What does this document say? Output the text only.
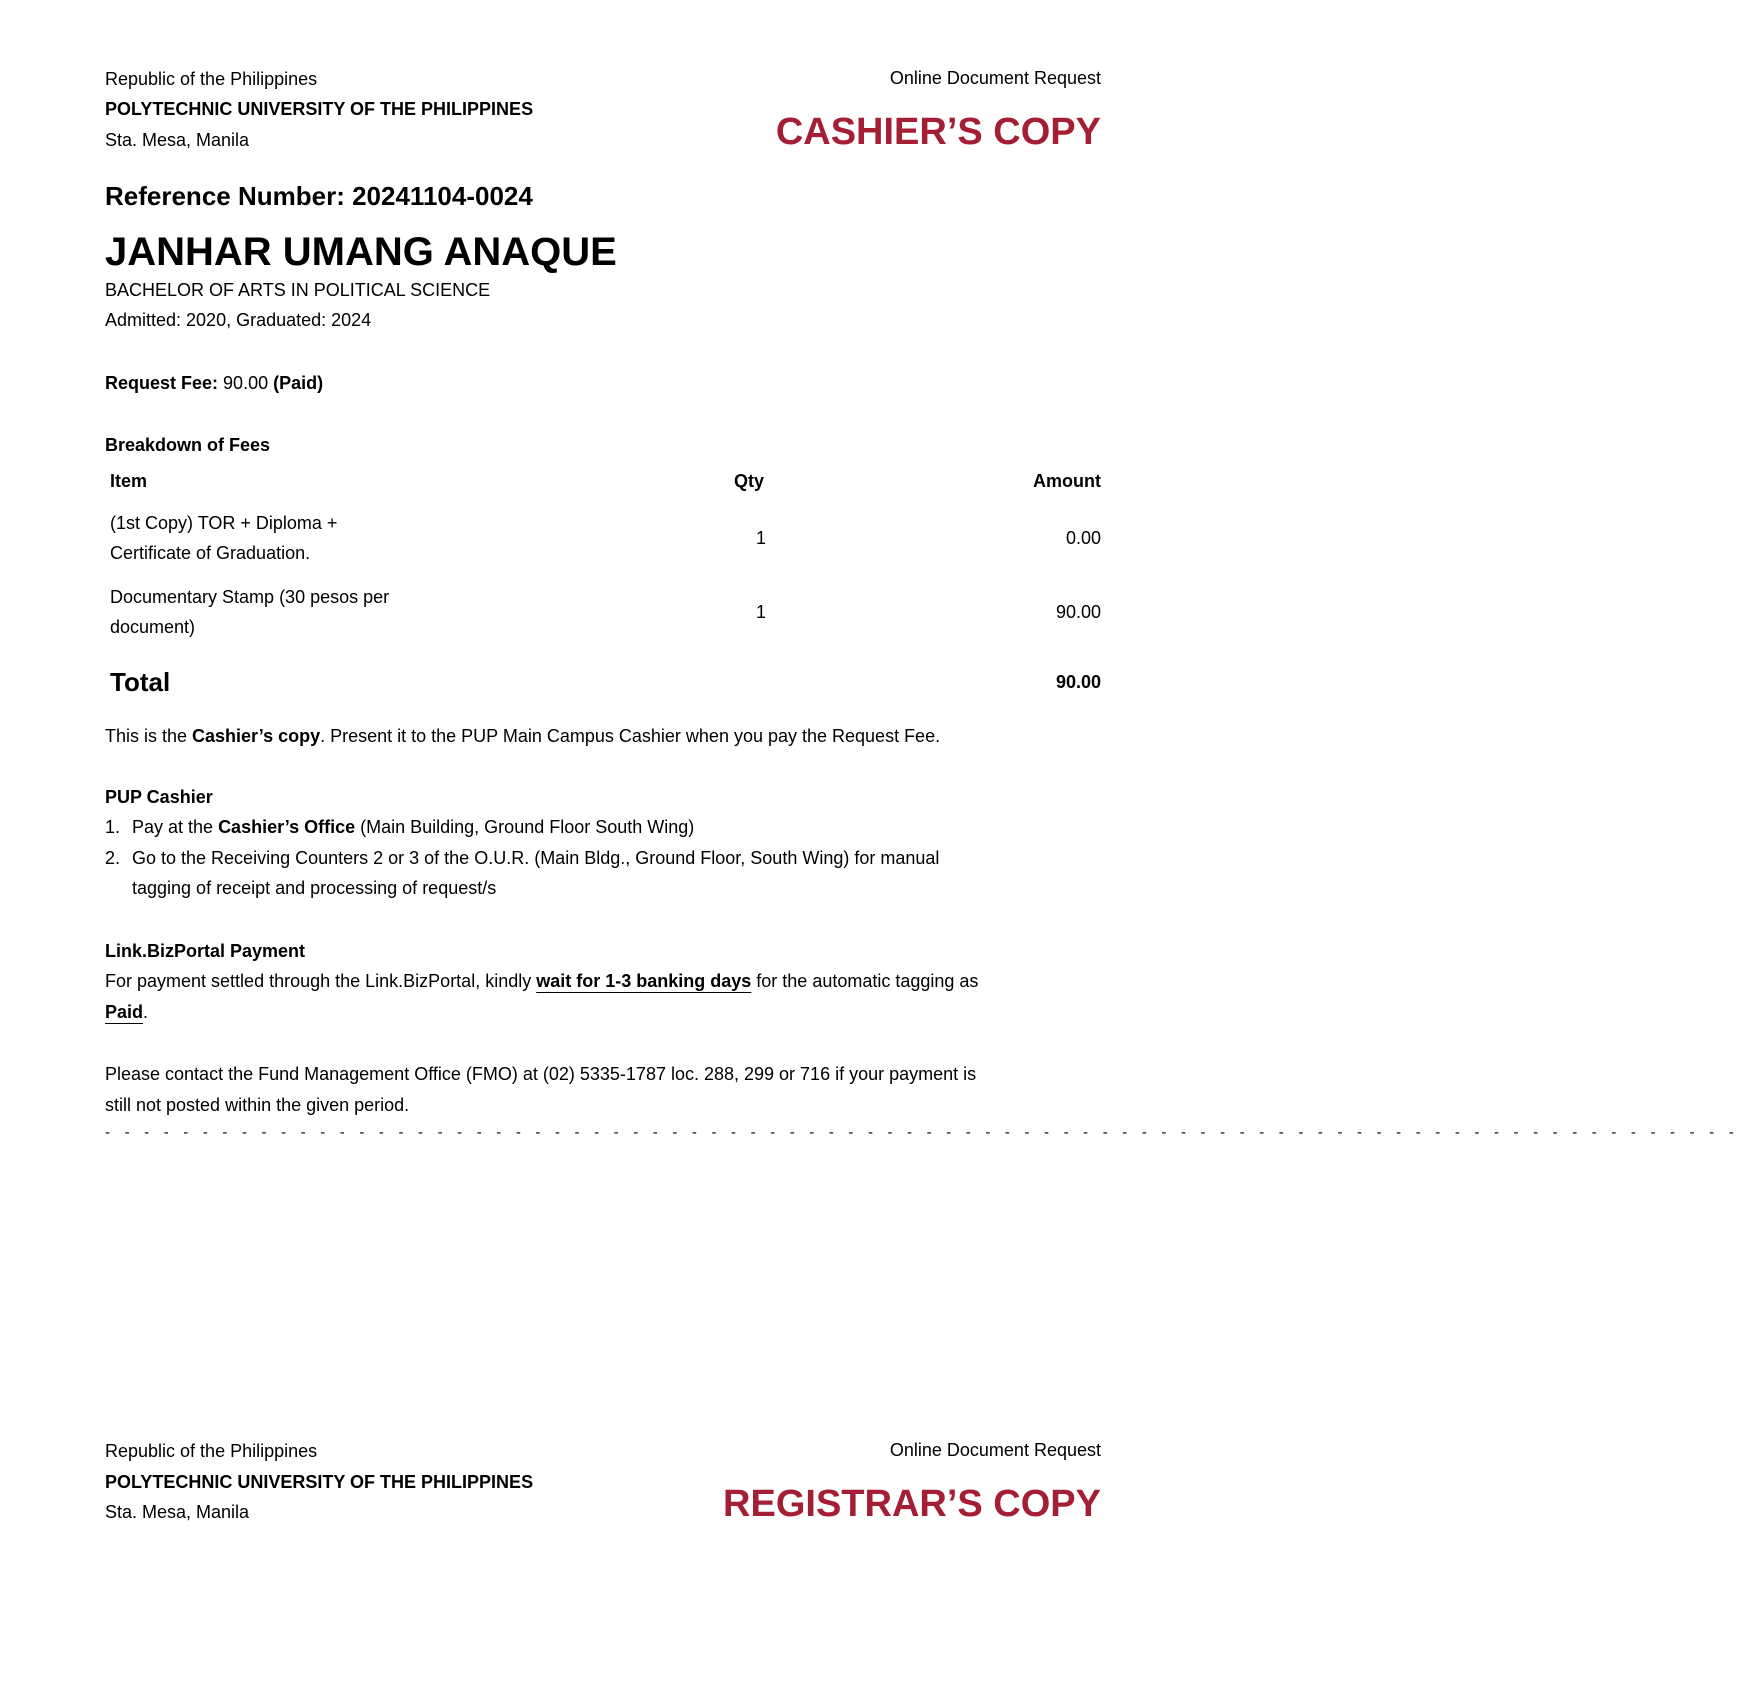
Republic of the Philippines
POLYTECHNIC UNIVERSITY OF THE PHILIPPINES
Sta. Mesa, Manila
Online Document Request
CASHIER’S COPY
Reference Number: 20241104-0024
JANHAR UMANG ANAQUE
BACHELOR OF ARTS IN POLITICAL SCIENCE
Admitted: 2020, Graduated: 2024
Request Fee: 90.00 (Paid)
Breakdown of Fees
Item	Qty	Amount
(1st Copy) TOR + Diploma +
Certificate of Graduation.
1	0.00
Documentary Stamp (30 pesos per
document)
1	90.00
Total	90.00
This is the Cashier’s copy. Present it to the PUP Main Campus Cashier when you pay the Request Fee.
PUP Cashier
1. Pay at the Cashier’s Office (Main Building, Ground Floor South Wing)
2. Go to the Receiving Counters 2 or 3 of the O.U.R. (Main Bldg., Ground Floor, South Wing) for manual
tagging of receipt and processing of request/s
Link.BizPortal Payment
For payment settled through the Link.BizPortal, kindly wait for 1-3 banking days for the automatic tagging as
Paid.
Please contact the Fund Management Office (FMO) at (02) 5335-1787 loc. 288, 299 or 716 if your payment is
still not posted within the given period.
- - - - - - - - - - - - - - - - - - - - - - - - - - - - - - - - - - - - - - - - - - - - - - - - - - - - - - - - - - - - - - - - - - - - - - - - - - - - - - - - - - - -
Republic of the Philippines
POLYTECHNIC UNIVERSITY OF THE PHILIPPINES
Sta. Mesa, Manila
Online Document Request
REGISTRAR’S COPY
